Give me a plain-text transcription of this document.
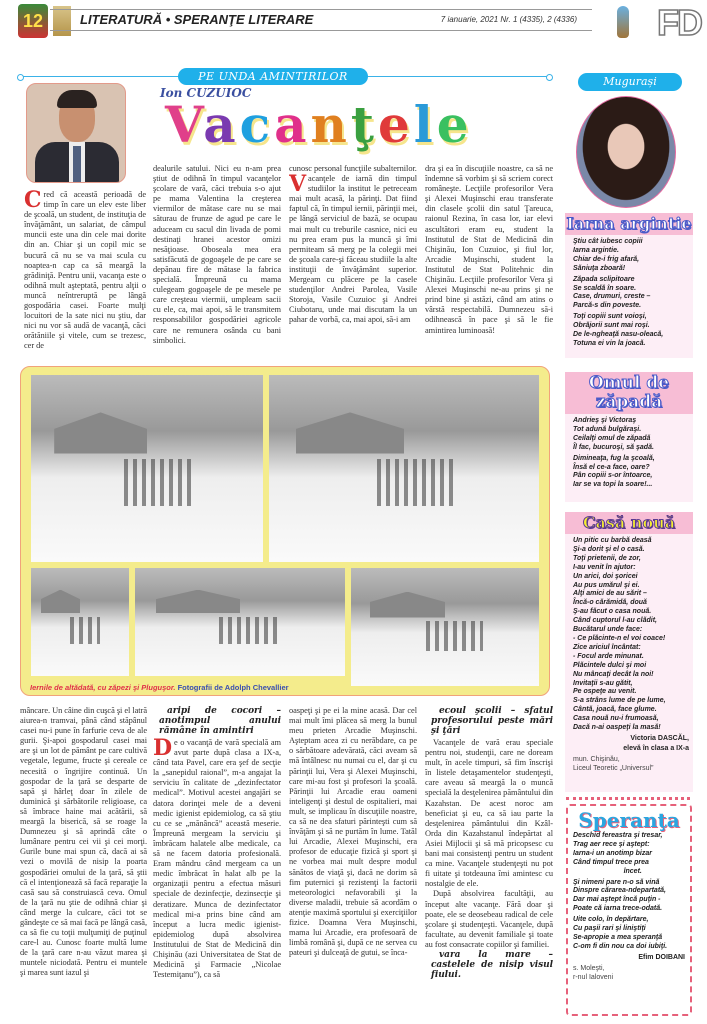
12	LITERATURĂ • SPERANŢE LITERARE	7 ianuarie, 2021 Nr. 1 (4335), 2 (4336) FD
PE UNDA AMINTIRILOR
Ion CUZUIOC
Vacanţele

Cred că această perioadă de timp în care un elev este liber de şcoală, un student, de instituţia de învăţământ, un salariat, de câmpul muncii este una din cele mai dorite din an. Chiar şi un copil mic se bucură că nu se va mai scula cu noaptea-n cap ca să meargă la grădiniţă. Pentru unii, vacanţa este o odihnă mult aşteptată, pentru alţii o muncă neîntreruptă pe lângă gospodăria casei. Foarte mulţi locuitori de la sate nici nu ştiu, dar nici nu vor să audă de vacanţă, căci orătăniile şi vitele, cum se trezesc, cer de

dealurile satului. Nici eu n-am prea ştiut de odihnă în timpul vacanţelor şcolare de vară, căci trebuia s-o ajut pe mama Valentina la creşterea viermilor de mătase care nu se mai săturau de frunze de agud pe care le aduceam cu sacul din livada de pomi destinaţi hranei acestor omizi nesăţioase. Oboseala mea era satisfăcută de gogoaşele de pe care se depănau fire de mătase la fabrica specială. Împreună cu mama culegeam gogoaşele de pe mesele pe care creşteau viermii, umpleam sacii cu ele, ca, mai apoi, să le transmitem responsabililor gospodăriei agricole care ne remunera osânda cu bani simbolici.

cunosc personal funcţiile subalternilor.

Vacanţele de iarnă din timpul studiilor la institut le petreceam mai mult acasă, la părinţi. Dat fiind faptul că, în timpul iernii, părinţii mei, pe lângă serviciul de bază, se ocupau mai mult cu treburile casnice, nici eu nu prea eram pus la muncă şi îmi permiteam să merg pe la colegii mei de şcoala care-şi făceau studiile la alte instituţii de învăţământ superior. Mergeam cu plăcere pe la casele studenţilor Andrei Parolea, Vasile Storoja, Vasile Cuzuioc şi Andrei Ciubotaru, unde mai discutam la un pahar de vorbă, ca, mai apoi, să-i am

dra şi ea în discuţiile noastre, ca să ne îndemne să vorbim şi să scriem corect româneşte. Lecţiile profesorilor Vera şi Alexei Muşinschi erau transferate din clasele şcolii din satul Ţareuca, raionul Rezina, în casa lor, iar elevi ascultători eram eu, student la Institutul de Stat de Medicină din Chişinău, Ion Cuzuioc, şi fiul lor, Arcadie Muşinschi, student la Institutul de Stat Politehnic din Chişinău. Lecţiile profesorilor Vera şi Alexei Muşinschi ne-au prins şi ne prind bine şi astăzi, când am atins o vârstă respectabilă. Dumnezeu să-i odihnească în pace şi să le fie amintirea luminoasă!

Iernile de altădată, cu zăpezi şi Pluguşor. Fotografii de Adolph Chevallier

mâncare. Un câine din cuşcă şi el latră aiurea-n tramvai, până când stăpânul casei nu-i pune în farfurie ceva de ale gurii. Şi-apoi gospodarul casei mai are şi un lot de pământ pe care cultivă vegetale, legume, fructe şi cereale ce necesită o îngrijire continuă. Un gospodar de la ţară se desparte de sapă şi hârleţ doar în zilele de duminică şi sărbătorile religioase, ca să îmbrace haine mai acătării, să meargă la biserică, să se roage la Dumnezeu şi să aprindă câte o lumânare pentru cei vii şi cei morţi. Gurile bune mai spun că, dacă ai să vezi o movilă de nisip la poarta gospodăriei omului de la ţară, să ştii că el intenţionează să facă reparaţie la casă sau să construiască ceva. Omul de la ţară nu ştie de odihnă chiar şi când merge la culcare, căci tot se gândeşte ce să mai facă pe lângă casă, ca să fie cu toţii mulţumiţi de puţinul care-l au. Cunosc foarte multă lume de la ţară care n-au văzut marea şi muntele niciodată. Pentru ei muntele şi marea sunt iazul şi

aripi de cocori – anotimpul anului rămâne în amintiri

De o vacanţă de vară specială am avut parte după clasa a IX-a, când tata Pavel, care era şef de secţie la „sanepidul raional”, m-a angajat la serviciu în calitate de „dezinfectator medical”. Motivul acestei angajări se datora dorinţei mele de a deveni medic igienist epidemiolog, ca să ştiu cu ce se „mănâncă” această meserie. Împreună mergeam la serviciu şi îmbrăcam halatele albe medicale, ca să ne facem datoria profesională. Eram mândru când mergeam ca un medic îmbrăcat în halat alb pe la organizaţii pentru a efectua măsuri speciale de dezinfecţie, dezinsecţie şi deratizare. Munca de dezinfectator medical mi-a prins bine când am început a lucra medic igienist-epidemiolog după absolvirea Institutului de Stat de Medicină din Chişinău (azi Universitatea de Stat de Medicină şi Farmacie „Nicolae Testemiţanu”), ca să

oaspeţi şi pe ei la mine acasă. Dar cel mai mult îmi plăcea să merg la bunul meu prieten Arcadie Muşinschi. Aşteptam acea zi cu nerăbdare, ca pe o sărbătoare adevărată, căci aveam să mă întâlnesc nu numai cu el, dar şi cu părinţii lui, Vera şi Alexei Muşinschi, care mi-au fost şi profesori la şcoală. Părinţii lui Arcadie erau oameni inteligenţi şi destul de ospitalieri, mai mult, se implicau în discuţiile noastre, ca să ne dea sfaturi părinteşti cum să învăţăm şi să ne purtăm în lume. Tatăl lui Arcadie, Alexei Muşinschi, era profesor de educaţie fizică şi sport şi ne vorbea mai mult despre modul sănătos de viaţă şi, dacă ne dorim să fim puternici şi rezistenţi la factorii meteorologici nefavorabili şi la diverse maladii, trebuie să acordăm o atenţie maximă sportului şi exerciţiilor fizice. Doamna Vera Muşinschi, mama lui Arcadie, era profesoară de limbă română şi, după ce ne servea cu pateuri şi dulceaţă de gutui, se înca-

ecoul şcolii – sfatul profesorului peste mări şi ţări

Vacanţele de vară erau speciale pentru noi, studenţii, care ne doream mult, în acele timpuri, să fim înscrişi în listele detaşamentelor studenţeşti, care aveau să meargă la o muncă specială la desţelenirea pământului din Kazahstan. De acest noroc am beneficiat şi eu, ca să iau parte la desţelenirea pământului din Kzâl-Orda din Kazahstanul îndepărtat al Asiei Mijlocii şi să mă pricopsesc cu bani mai consistenţi pentru un student ca mine. Vacanţele studenţeşti nu pot fi uitate şi totdeauna îmi amintesc cu nostalgie de ele.

După absolvirea facultăţii, au început alte vacanţe. Fără doar şi poate, ele se deosebeau radical de cele şcolare şi studenţeşti. Vacanţele, după facultate, au devenit familiale şi toate au fost consacrate copiilor şi familiei.

vara la mare – castelele de nisip visul fiului.

Mugurași
Iarna argintie
Ştiu cât iubesc copiii
Iarna argintie.
Chiar de-i frig afară,
Săniuţa zboară!
Zăpada sclipitoare
Se scaldă în soare.
Case, drumuri, creste –
Parcă-s din poveste.
Toţi copiii sunt voioşi,
Obrăjorii sunt mai roşi.
De le-ngheaţă nasu-oleacă,
Totuna ei vin la joacă.
Omul de zăpadă
Andrieş şi Victoraş
Tot adună bulgăraşi.
Ceilalţi omul de zăpadă
Îl fac, bucuroşi, să şadă.
Dimineaţa, fug la şcoală,
Însă el ce-a face, oare?
Pân copiii s-or întoarce,
Iar se va topi la soare!...
Casă nouă
Un pitic cu barbă deasă
Şi-a dorit şi el o casă.
Toţi prietenii, de zor,
I-au venit în ajutor:
Un arici, doi şoricei
Au pus umărul şi ei.
Alţi amici de au sărit –
Încă-o cărămidă, două
Ş-au făcut o casa nouă.
Când cuptorul l-au clădit,
Bucătarul unde face:
- Ce plăcinte-n el voi coace!
Zice ariciul încântat:
- Focul arde minunat.
Plăcintele dulci şi moi
Nu mâncaţi decât la noi!
Invitaţii s-au gătit,
Pe ospeţe au venit.
S-a strâns lume de pe lume,
Cântă, joacă, face glume.
Casa nouă nu-i frumoasă,
Dacă n-ai oaspeţi la masă!
Victoria DASCĂL,
elevă în clasa a IX-a
mun. Chişinău,
Liceul Teoretic „Universul”
Speranţa
Deschid fereastra şi tresar,
Trag aer rece şi aştept:
Iarna-i un anotimp bizar
Când timpul trece prea
încet.
Şi nimeni pare n-o să vină
Dinspre cărarea-ndepartată,
Dar mai aştept încă puţin -
Poate că iarna trece-odată.
Uite colo, în depărtare,
Cu paşii rari şi liniştiţi
Se-apropie a mea speranţă
C-om fi din nou ca doi iubiţi.
Efim DOIBANI
s. Moleşti,
r-nul Ialoveni
